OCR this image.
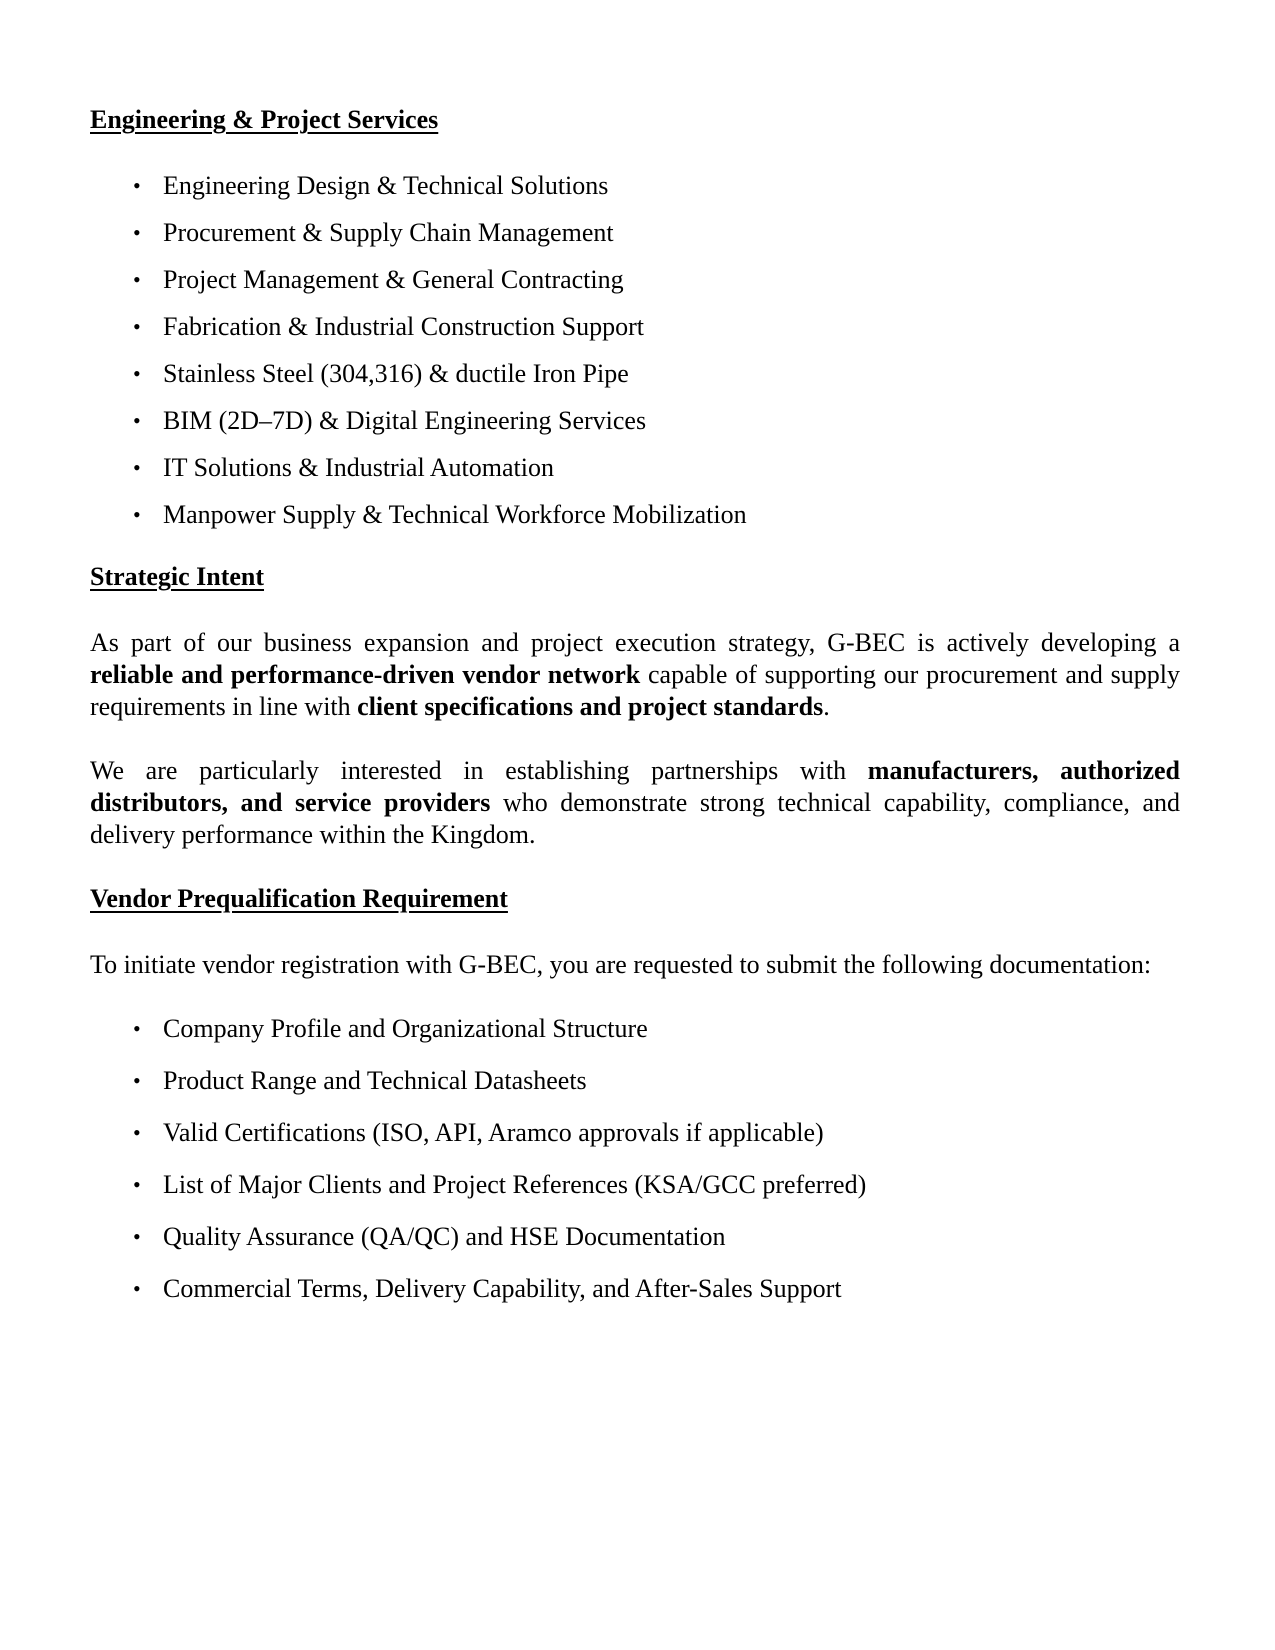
Engineering & Project Services
• Engineering Design & Technical Solutions
• Procurement & Supply Chain Management
• Project Management & General Contracting
• Fabrication & Industrial Construction Support
• Stainless Steel (304,316) & ductile Iron Pipe
• BIM (2D–7D) & Digital Engineering Services
• IT Solutions & Industrial Automation
• Manpower Supply & Technical Workforce Mobilization
Strategic Intent

As part of our business expansion and project execution strategy, G-BEC is actively developing a reliable and performance-driven vendor network capable of supporting our procurement and supply requirements in line with client specifications and project standards.

We are particularly interested in establishing partnerships with manufacturers, authorized distributors, and service providers who demonstrate strong technical capability, compliance, and delivery performance within the Kingdom.

Vendor Prequalification Requirement

To initiate vendor registration with G-BEC, you are requested to submit the following documentation:

• Company Profile and Organizational Structure
• Product Range and Technical Datasheets
• Valid Certifications (ISO, API, Aramco approvals if applicable)
• List of Major Clients and Project References (KSA/GCC preferred)
• Quality Assurance (QA/QC) and HSE Documentation
• Commercial Terms, Delivery Capability, and After-Sales Support
